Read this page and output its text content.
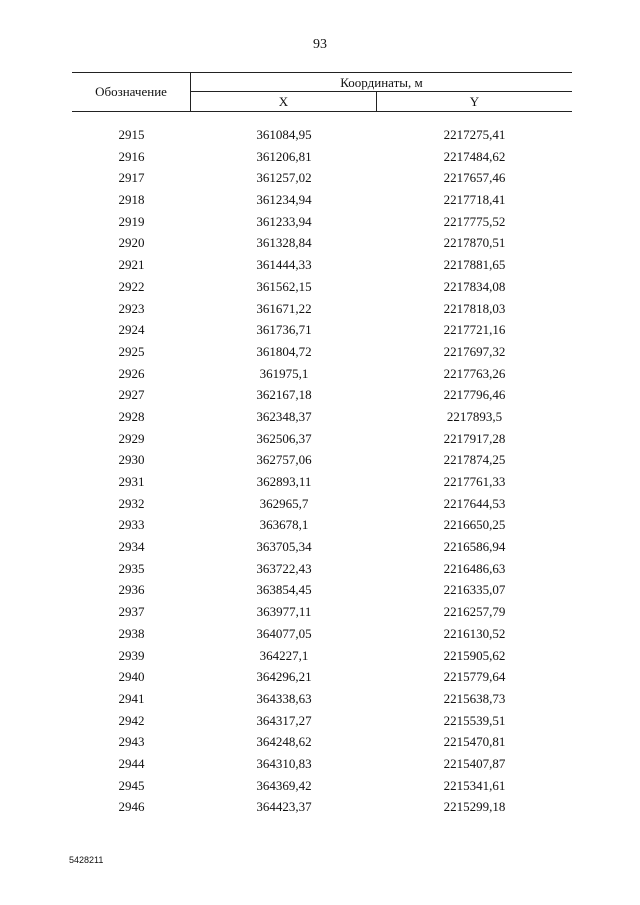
93
Обозначение
Координаты, м
X	Y
2915	361084,95	2217275,41
2916	361206,81	2217484,62
2917	361257,02	2217657,46
2918	361234,94	2217718,41
2919	361233,94	2217775,52
2920	361328,84	2217870,51
2921	361444,33	2217881,65
2922	361562,15	2217834,08
2923	361671,22	2217818,03
2924	361736,71	2217721,16
2925	361804,72	2217697,32
2926	361975,1	2217763,26
2927	362167,18	2217796,46
2928	362348,37	2217893,5
2929	362506,37	2217917,28
2930	362757,06	2217874,25
2931	362893,11	2217761,33
2932	362965,7	2217644,53
2933	363678,1	2216650,25
2934	363705,34	2216586,94
2935	363722,43	2216486,63
2936	363854,45	2216335,07
2937	363977,11	2216257,79
2938	364077,05	2216130,52
2939	364227,1	2215905,62
2940	364296,21	2215779,64
2941	364338,63	2215638,73
2942	364317,27	2215539,51
2943	364248,62	2215470,81
2944	364310,83	2215407,87
2945	364369,42	2215341,61
2946	364423,37	2215299,18
5428211
